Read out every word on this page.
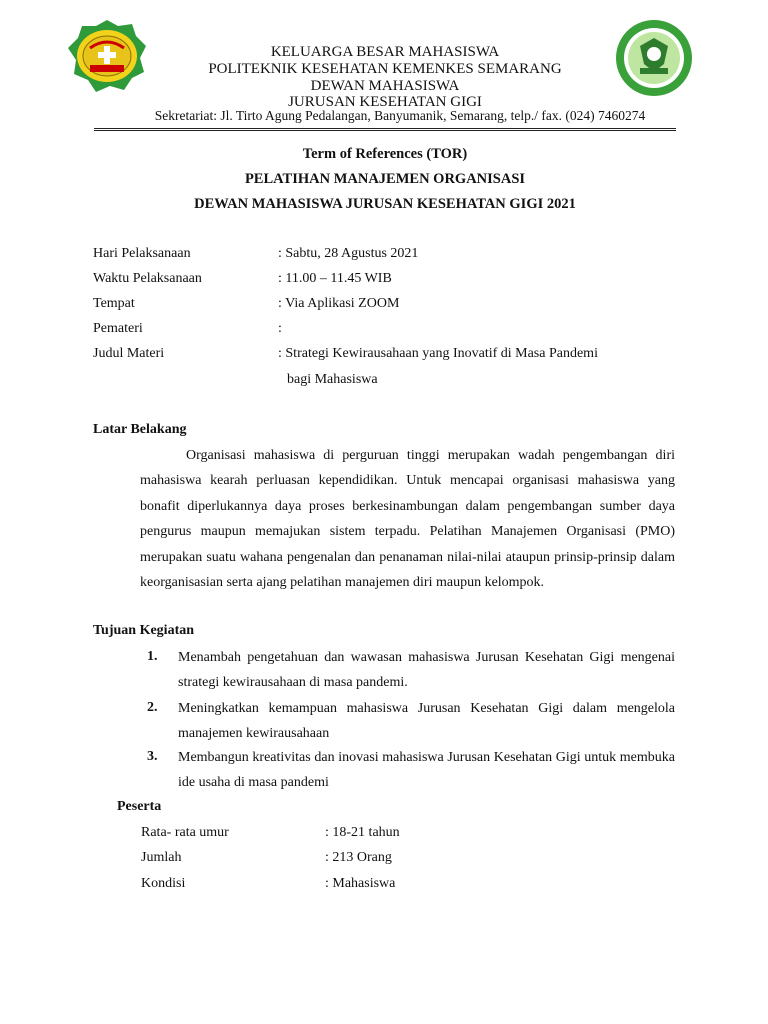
KELUARGA BESAR MAHASISWA
POLITEKNIK KESEHATAN KEMENKES SEMARANG
DEWAN MAHASISWA
JURUSAN KESEHATAN GIGI
Sekretariat: Jl. Tirto Agung Pedalangan, Banyumanik, Semarang, telp./ fax. (024) 7460274
Term of References (TOR)
PELATIHAN MANAJEMEN ORGANISASI
DEWAN MAHASISWA JURUSAN KESEHATAN GIGI 2021
Hari Pelaksanaan	: Sabtu, 28 Agustus 2021
Waktu Pelaksanaan	: 11.00 – 11.45 WIB
Tempat	: Via Aplikasi ZOOM
Pemateri	:
Judul Materi	: Strategi Kewirausahaan yang Inovatif di Masa Pandemi
bagi Mahasiswa
Latar Belakang
Organisasi mahasiswa di perguruan tinggi merupakan wadah pengembangan diri mahasiswa kearah perluasan kependidikan. Untuk mencapai organisasi mahasiswa yang bonafit diperlukannya daya proses berkesinambungan dalam pengembangan sumber daya pengurus maupun memajukan sistem terpadu. Pelatihan Manajemen Organisasi (PMO) merupakan suatu wahana pengenalan dan penanaman nilai-nilai ataupun prinsip-prinsip dalam keorganisasian serta ajang pelatihan manajemen diri maupun kelompok.
Tujuan Kegiatan
1. Menambah pengetahuan dan wawasan mahasiswa Jurusan Kesehatan Gigi mengenai strategi kewirausahaan di masa pandemi.
2. Meningkatkan kemampuan mahasiswa Jurusan Kesehatan Gigi dalam mengelola manajemen kewirausahaan
3. Membangun kreativitas dan inovasi mahasiswa Jurusan Kesehatan Gigi untuk membuka ide usaha di masa pandemi
Peserta
Rata- rata umur	: 18-21 tahun
Jumlah	: 213 Orang
Kondisi	: Mahasiswa
